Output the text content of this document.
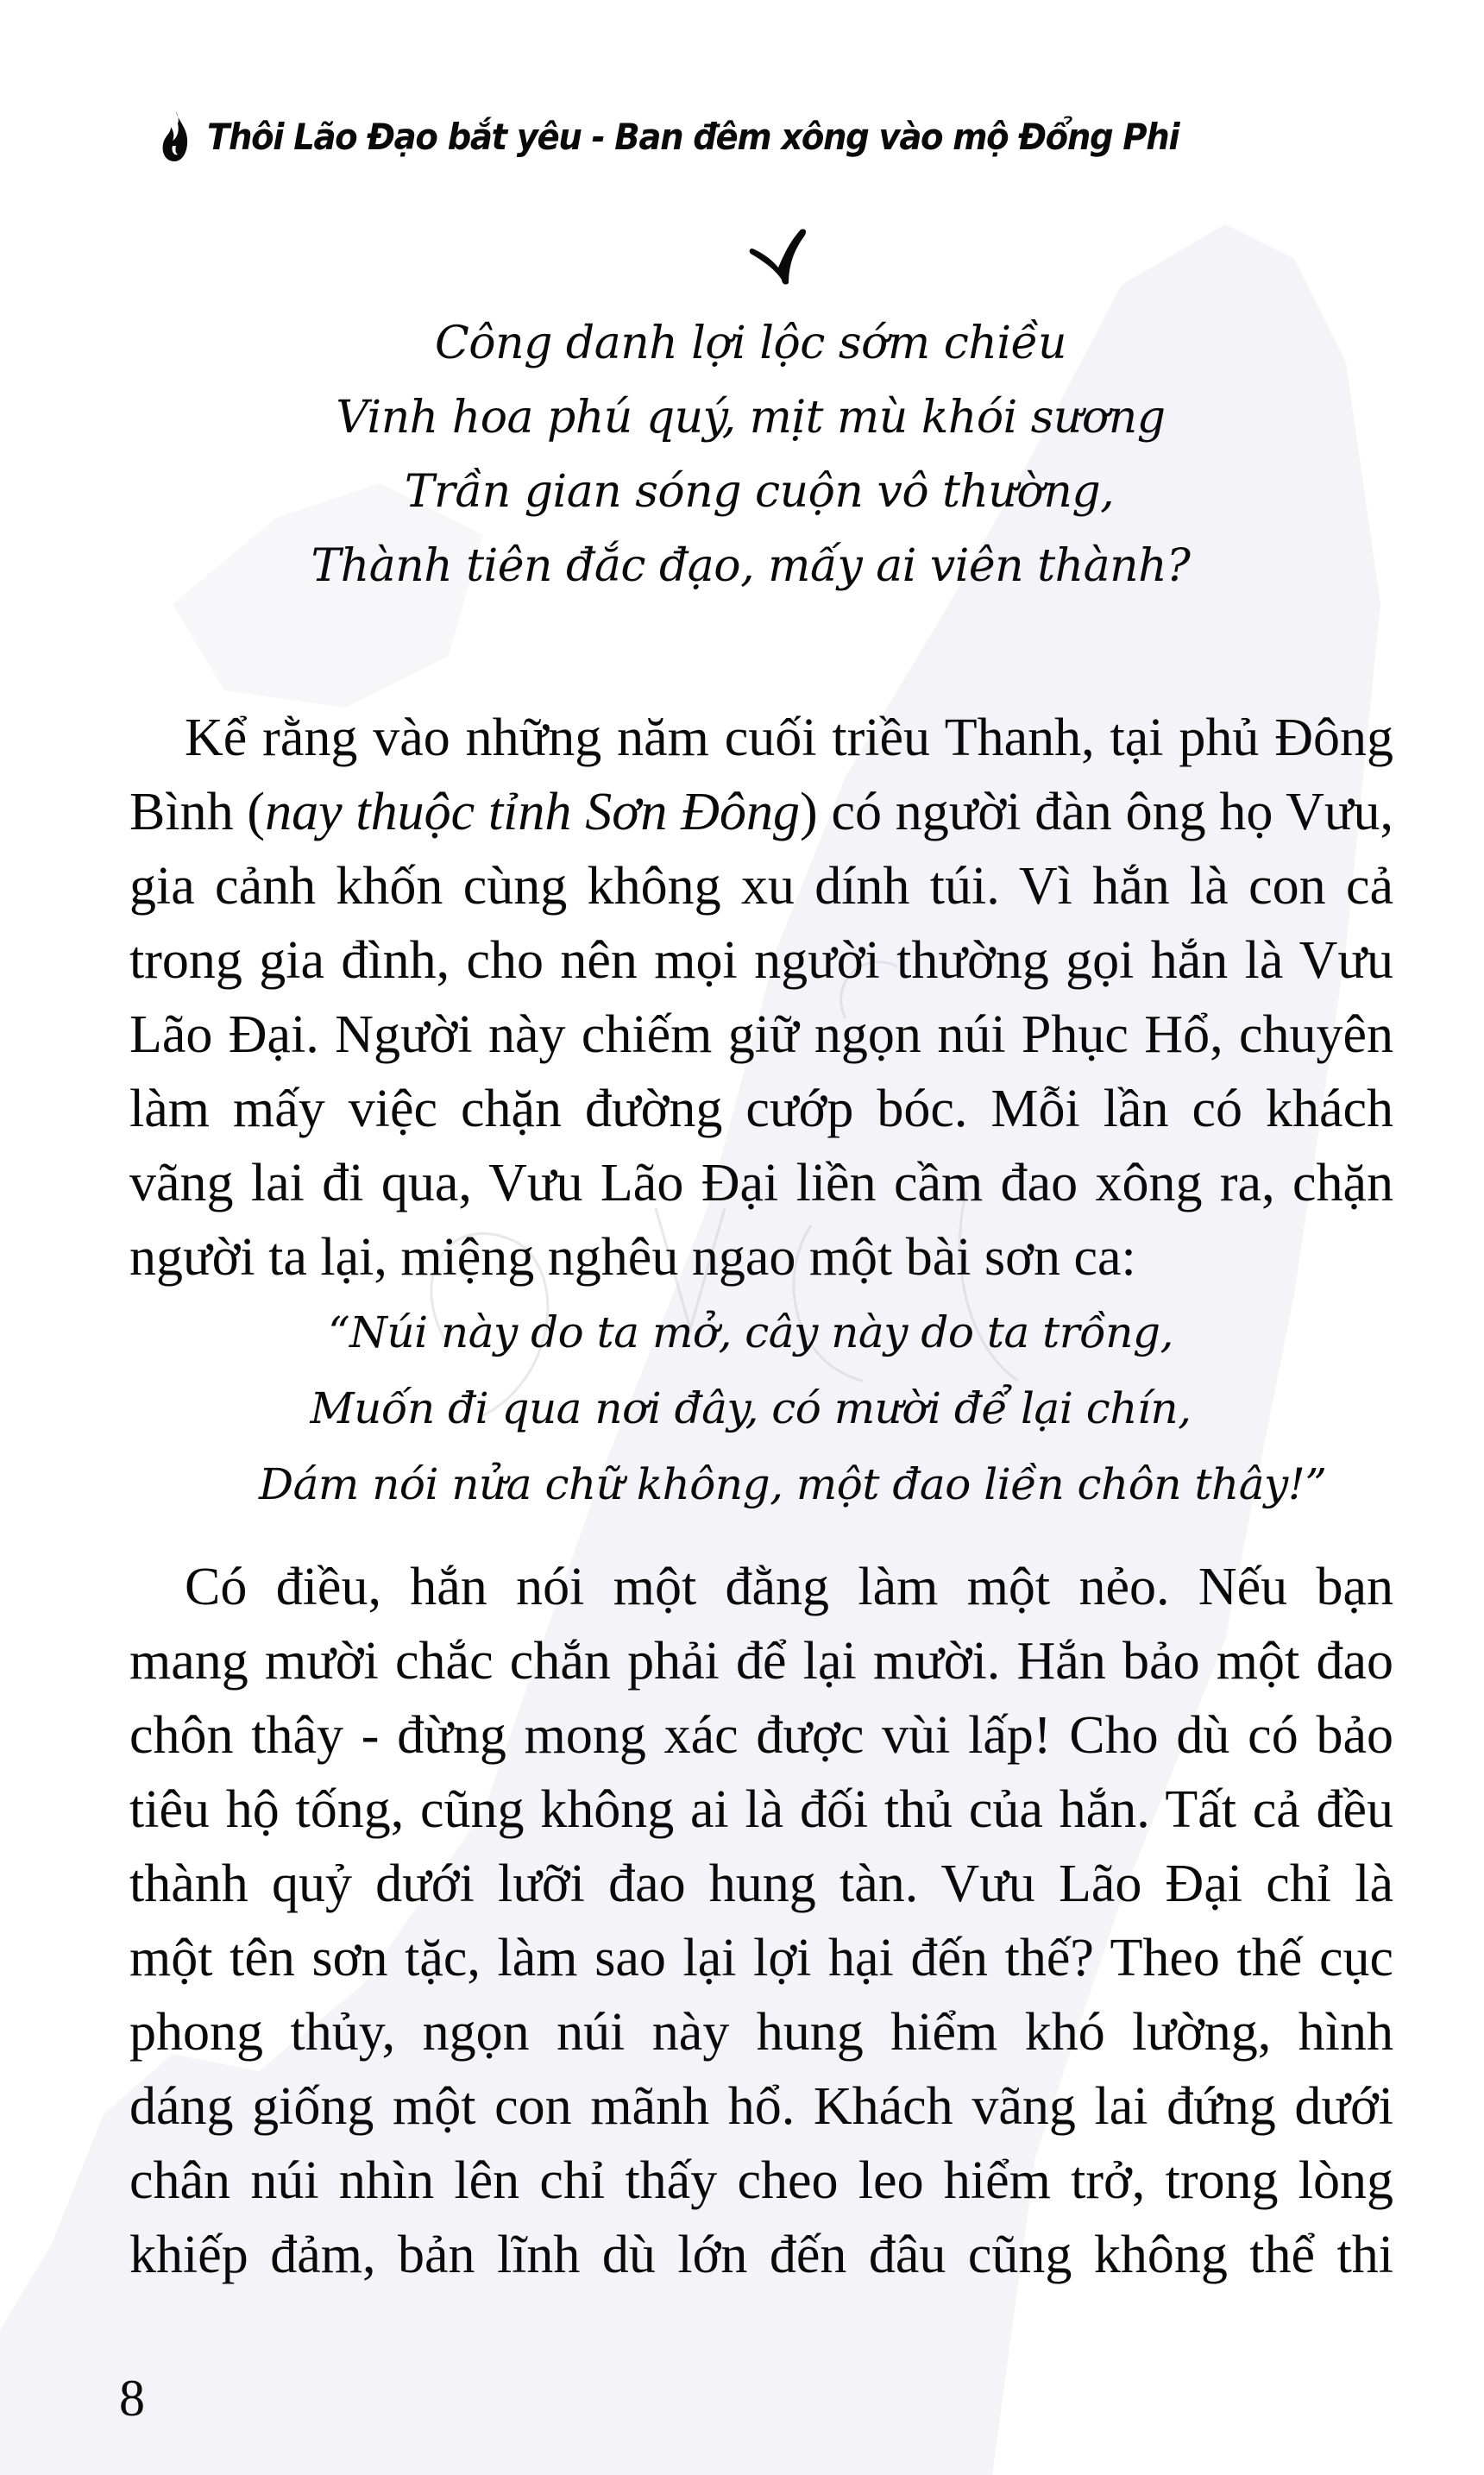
Thôi Lão Đạo bắt yêu - Ban đêm xông vào mộ Đổng Phi
Công danh lợi lộc sớm chiều
Vinh hoa phú quý, mịt mù khói sương
Trần gian sóng cuộn vô thường,
Thành tiên đắc đạo, mấy ai viên thành?
Kể rằng vào những năm cuối triều Thanh, tại phủ Đông
Bình (nay thuộc tỉnh Sơn Đông) có người đàn ông họ Vưu,
gia cảnh khốn cùng không xu dính túi. Vì hắn là con cả
trong gia đình, cho nên mọi người thường gọi hắn là Vưu
Lão Đại. Người này chiếm giữ ngọn núi Phục Hổ, chuyên
làm mấy việc chặn đường cướp bóc. Mỗi lần có khách
vãng lai đi qua, Vưu Lão Đại liền cầm đao xông ra, chặn
người ta lại, miệng nghêu ngao một bài sơn ca:
“Núi này do ta mở, cây này do ta trồng,
Muốn đi qua nơi đây, có mười để lại chín,
Dám nói nửa chữ không, một đao liền chôn thây!”
Có điều, hắn nói một đằng làm một nẻo. Nếu bạn
mang mười chắc chắn phải để lại mười. Hắn bảo một đao
chôn thây - đừng mong xác được vùi lấp! Cho dù có bảo
tiêu hộ tống, cũng không ai là đối thủ của hắn. Tất cả đều
thành quỷ dưới lưỡi đao hung tàn. Vưu Lão Đại chỉ là
một tên sơn tặc, làm sao lại lợi hại đến thế? Theo thế cục
phong thủy, ngọn núi này hung hiểm khó lường, hình
dáng giống một con mãnh hổ. Khách vãng lai đứng dưới
chân núi nhìn lên chỉ thấy cheo leo hiểm trở, trong lòng
khiếp đảm, bản lĩnh dù lớn đến đâu cũng không thể thi
8
